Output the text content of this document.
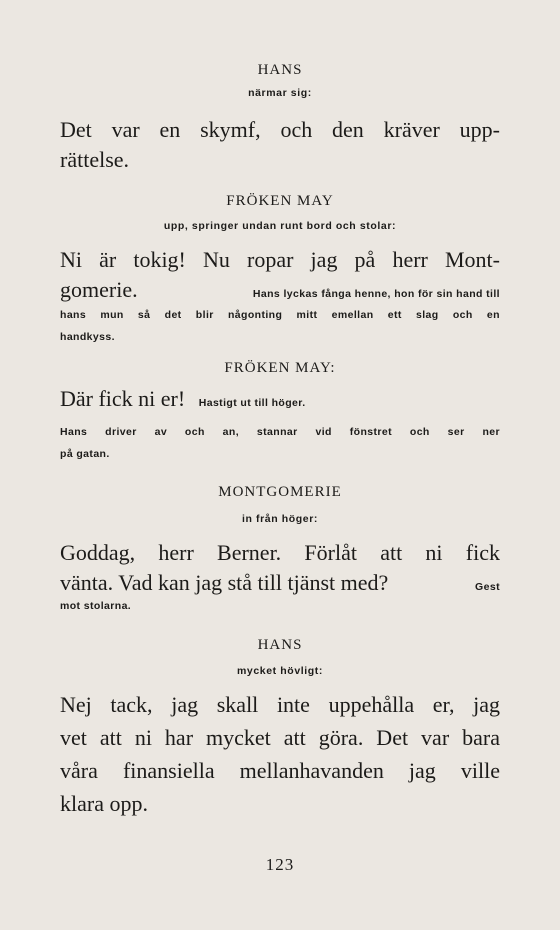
HANS
närmar sig:
Det var en skymf, och den kräver upp-
rättelse.
FRÖKEN MAY
upp, springer undan runt bord och stolar:
Ni är tokig! Nu ropar jag på herr Mont-
gomerie.	Hans lyckas fånga henne, hon för sin hand till
hans mun så det blir någonting mitt emellan ett slag och en
handkyss.
FRÖKEN MAY:
Där fick ni er! Hastigt ut till höger.
Hans driver av och an, stannar vid fönstret och ser ner
på gatan.
MONTGOMERIE
in från höger:
Goddag, herr Berner. Förlåt att ni fick
vänta. Vad kan jag stå till tjänst med?	Gest
mot stolarna.
HANS
mycket hövligt:
Nej tack, jag skall inte uppehålla er, jag
vet att ni har mycket att göra. Det var bara
våra finansiella mellanhavanden jag ville
klara opp.
123
